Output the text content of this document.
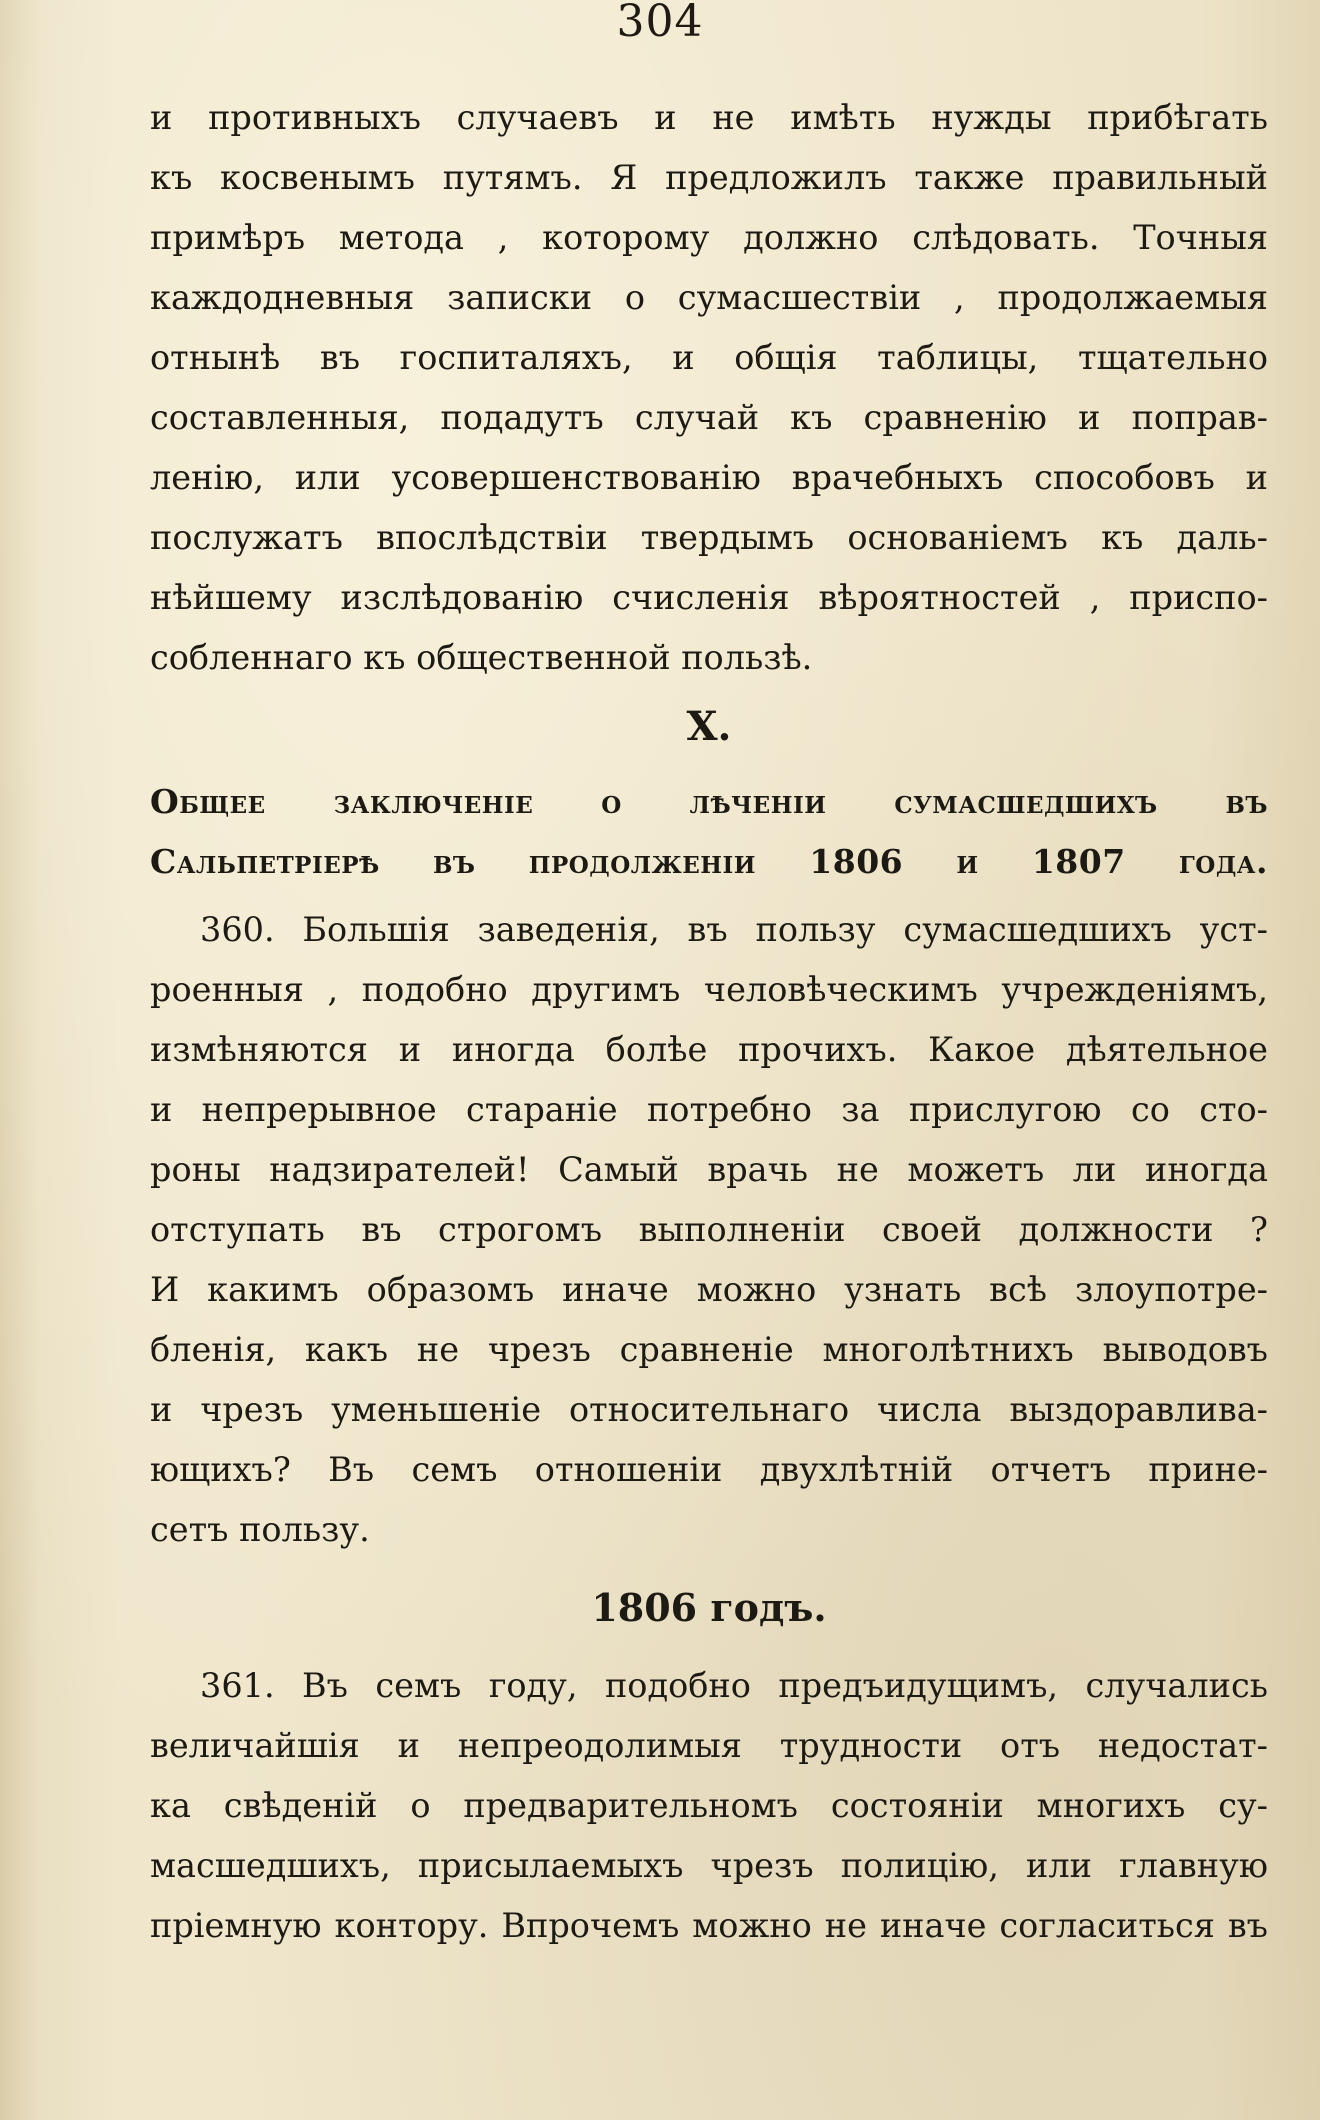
304
и противныхъ случаевъ и не имѣть нужды прибѣгать
къ косвенымъ путямъ. Я предложилъ также правильный
примѣръ метода , которому должно слѣдовать. Точныя
каждодневныя записки о сумасшествіи , продолжаемыя
отнынѣ въ госпиталяхъ, и общія таблицы, тщательно
составленныя, подадутъ случай къ сравненію и поправ-
ленію, или усовершенствованію врачебныхъ способовъ и
послужатъ впослѣдствіи твердымъ основаніемъ къ даль-
нѣйшему изслѣдованію счисленія вѣроятностей , приспо-
собленнаго къ общественной пользѣ.
X.
Общее заключеніе о лѣченіи сумасшедшихъ въ
Сальпетріерѣ въ продолженіи 1806 и 1807 года.
360. Большія заведенія, въ пользу сумасшедшихъ уст-
роенныя , подобно другимъ человѣческимъ учрежденіямъ,
измѣняются и иногда болѣе прочихъ. Какое дѣятельное
и непрерывное стараніе потребно за прислугою со сто-
роны надзирателей! Самый врачь не можетъ ли иногда
отступать въ строгомъ выполненіи своей должности ?
И какимъ образомъ иначе можно узнать всѣ злоупотре-
бленія, какъ не чрезъ сравненіе многолѣтнихъ выводовъ
и чрезъ уменьшеніе относительнаго числа выздоравлива-
ющихъ? Въ семъ отношеніи двухлѣтній отчетъ прине-
сетъ пользу.
1806 годъ.
361. Въ семъ году, подобно предъидущимъ, случались
величайшія и непреодолимыя трудности отъ недостат-
ка свѣденій о предварительномъ состояніи многихъ су-
масшедшихъ, присылаемыхъ чрезъ полицію, или главную
пріемную контору. Впрочемъ можно не иначе согласиться въ
